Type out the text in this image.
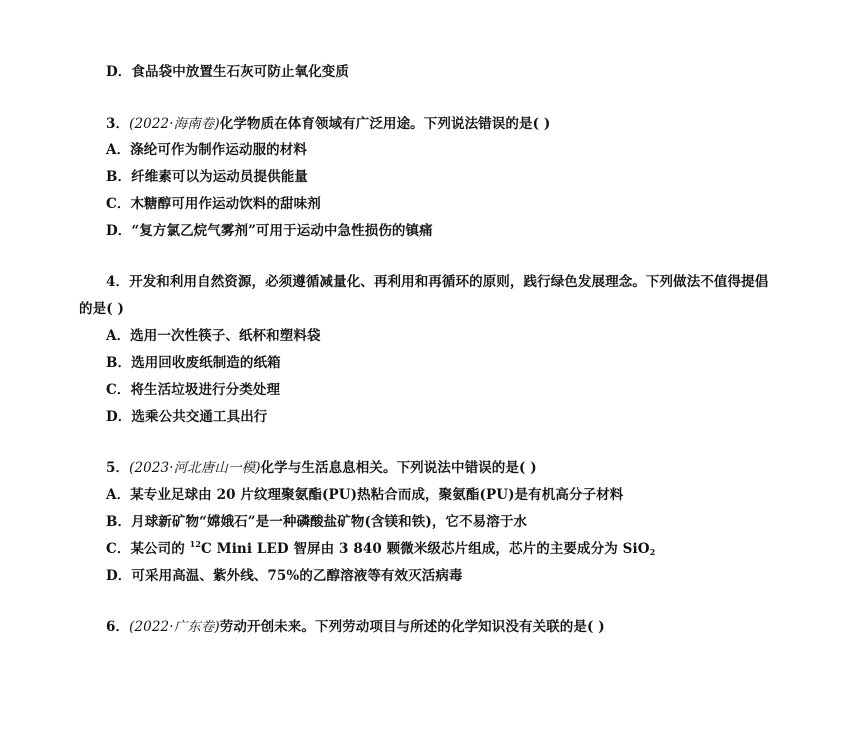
D．食品袋中放置生石灰可防止氧化变质
3．(2022·海南卷)化学物质在体育领域有广泛用途。下列说法错误的是( )
A．涤纶可作为制作运动服的材料
B．纤维素可以为运动员提供能量
C．木糖醇可用作运动饮料的甜味剂
D．“复方氯乙烷气雾剂”可用于运动中急性损伤的镇痛
4．开发和利用自然资源，必须遵循减量化、再利用和再循环的原则，践行绿色发展理念。下列做法不值得提倡
的是( )
A．选用一次性筷子、纸杯和塑料袋
B．选用回收废纸制造的纸箱
C．将生活垃圾进行分类处理
D．选乘公共交通工具出行
5．(2023·河北唐山一模)化学与生活息息相关。下列说法中错误的是( )
A．某专业足球由 20 片纹理聚氨酯(PU)热粘合而成，聚氨酯(PU)是有机高分子材料
B．月球新矿物“嫦娥石”是一种磷酸盐矿物(含镁和铁)，它不易溶于水
C．某公司的 $^{12}$C Mini LED 智屏由 3 840 颗微米级芯片组成，芯片的主要成分为 SiO$_2$
D．可采用高温、紫外线、75%的乙醇溶液等有效灭活病毒
6．(2022·广东卷)劳动开创未来。下列劳动项目与所述的化学知识没有关联的是( )
